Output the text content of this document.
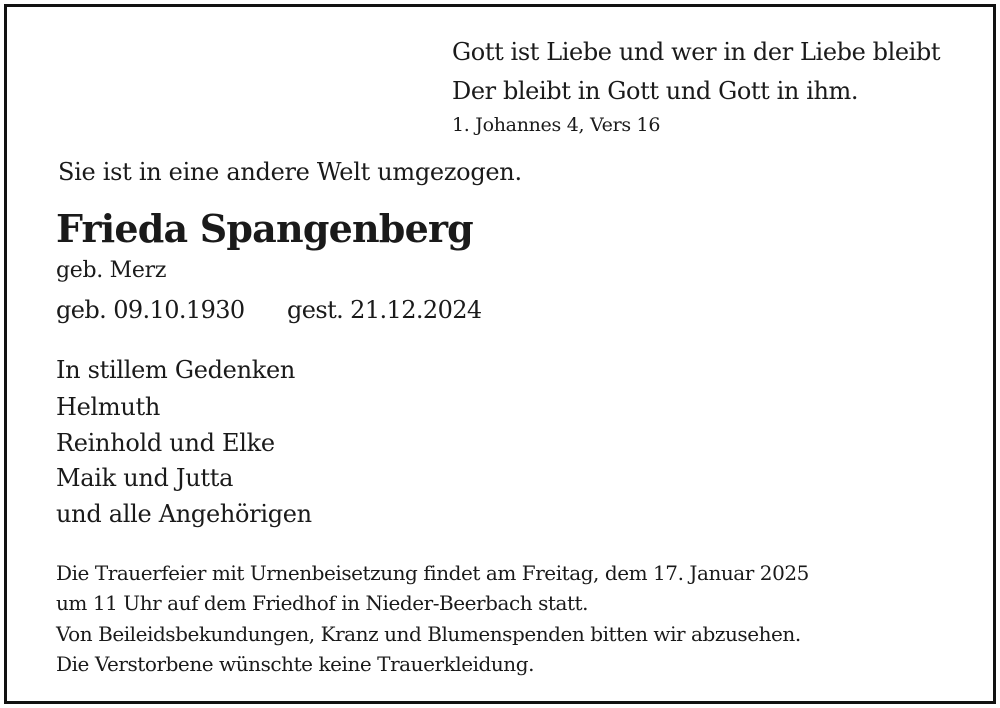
Gott ist Liebe und wer in der Liebe bleibt

Der bleibt in Gott und Gott in ihm.

1. Johannes 4, Vers 16

Sie ist in eine andere Welt umgezogen.

Frieda Spangenberg

geb. Merz

geb. 09.10.1930 gest. 21.12.2024

In stillem Gedenken

Helmuth

Reinhold und Elke

Maik und Jutta

und alle Angehörigen

Die Trauerfeier mit Urnenbeisetzung findet am Freitag, dem 17. Januar 2025

um 11 Uhr auf dem Friedhof in Nieder-Beerbach statt.

Von Beileidsbekundungen, Kranz und Blumenspenden bitten wir abzusehen.

Die Verstorbene wünschte keine Trauerkleidung.
